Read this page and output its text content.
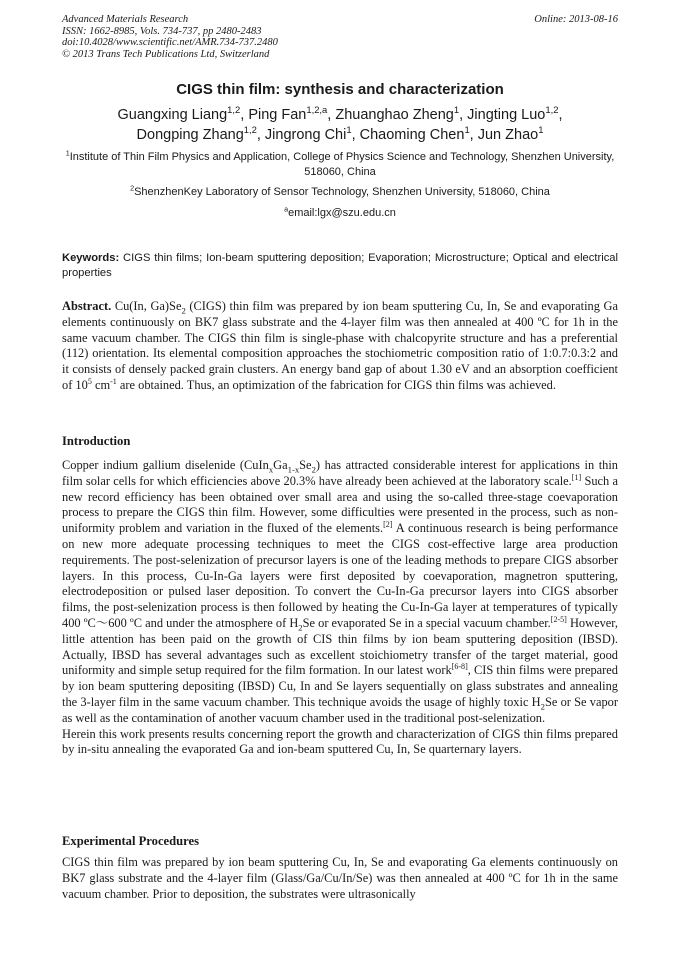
Advanced Materials Research
ISSN: 1662-8985, Vols. 734-737, pp 2480-2483
doi:10.4028/www.scientific.net/AMR.734-737.2480
© 2013 Trans Tech Publications Ltd, Switzerland
Online: 2013-08-16
CIGS thin film: synthesis and characterization
Guangxing Liang$^{1,2}$, Ping Fan$^{1,2,a}$, Zhuanghao Zheng$^1$, Jingting Luo$^{1,2}$,
Dongping Zhang$^{1,2}$, Jingrong Chi$^1$, Chaoming Chen$^1$, Jun Zhao$^1$
$^1$Institute of Thin Film Physics and Application, College of Physics Science and Technology, Shenzhen University, 518060, China
$^2$ShenzhenKey Laboratory of Sensor Technology, Shenzhen University, 518060, China
$^a$email:lgx@szu.edu.cn
Keywords: CIGS thin films; Ion-beam sputtering deposition; Evaporation; Microstructure; Optical and electrical properties
Abstract. Cu(In, $Ga)Se_2$ (CIGS) thin film was prepared by ion beam sputtering Cu, In, Se and evaporating Ga elements continuously on BK7 glass substrate and the 4-layer film was then annealed at 400 ºC for 1h in the same vacuum chamber. The CIGS thin film is single-phase with chalcopyrite structure and has a preferential (112) orientation. Its elemental composition approaches the stochiometric composition ratio of 1:0.7:0.3:2 and it consists of densely packed grain clusters. An energy band gap of about 1.30 eV and an absorption coefficient of $10^5$ $cm^{-1}$ are obtained. Thus, an optimization of the fabrication for CIGS thin films was achieved.
Introduction

Copper indium gallium diselenide $(CuIn_xGa_{1-x}Se_2)$ has attracted considerable interest for applications in thin film solar cells for which efficiencies above 20.3% have already been achieved at the laboratory scale.[1] Such a new record efficiency has been obtained over small area and using the so-called three-stage coevaporation process to prepare the CIGS thin film. However, some difficulties were presented in the process, such as non-uniformity problem and variation in the fluxed of the elements.[2] A continuous research is being performance on new more adequate processing techniques to meet the CIGS cost-effective large area production requirements. The post-selenization of precursor layers is one of the leading methods to prepare CIGS absorber layers. In this process, Cu-In-Ga layers were first deposited by coevaporation, magnetron sputtering, electrodeposition or pulsed laser deposition. To convert the Cu-In-Ga precursor layers into CIGS absorber films, the post-selenization process is then followed by heating the Cu-In-Ga layer at temperatures of typically 400 ºC～600 ºC and under the atmosphere of $H_2Se$ or evaporated Se in a special vacuum chamber.[2-5] However, little attention has been paid on the growth of CIS thin films by ion beam sputtering deposition (IBSD). Actually, IBSD has several advantages such as excellent stoichiometry transfer of the target material, good uniformity and simple setup required for the film formation. In our latest work[6-8], CIS thin films were prepared by ion beam sputtering depositing (IBSD) Cu, In and Se layers sequentially on glass substrates and annealing the 3-layer film in the same vacuum chamber. This technique avoids the usage of highly toxic $H_2Se$ or Se vapor as well as the contamination of another vacuum chamber used in the traditional post-selenization.

Herein this work presents results concerning report the growth and characterization of CIGS thin films prepared by in-situ annealing the evaporated Ga and ion-beam sputtered Cu, In, Se quarternary layers.

Experimental Procedures

CIGS thin film was prepared by ion beam sputtering Cu, In, Se and evaporating Ga elements continuously on BK7 glass substrate and the 4-layer film (Glass/Ga/Cu/In/Se) was then annealed at 400 ºC for 1h in the same vacuum chamber. Prior to deposition, the substrates were ultrasonically
